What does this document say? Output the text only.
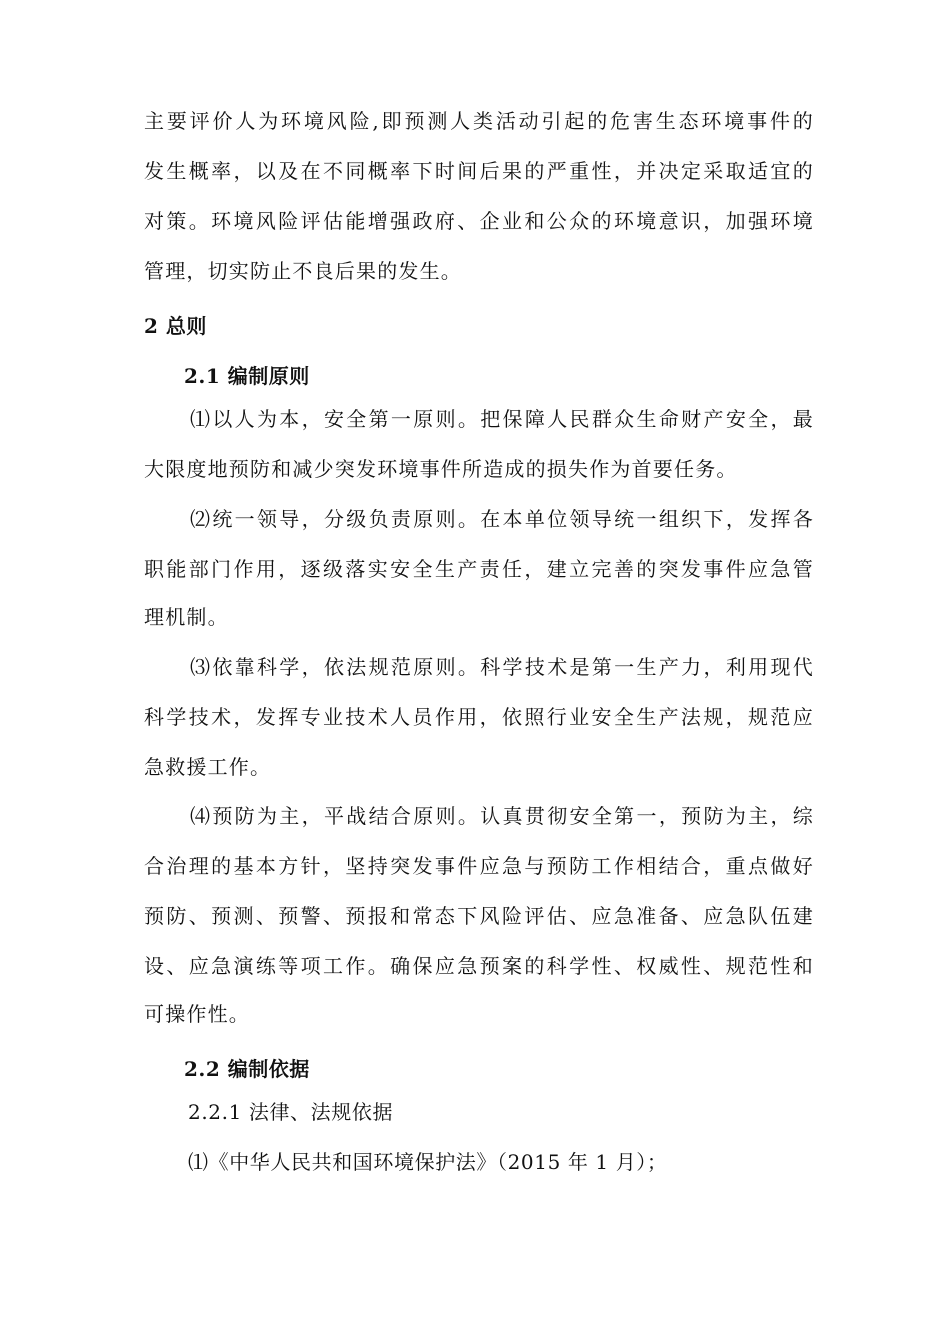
主要评价人为环境风险,即预测人类活动引起的危害生态环境事件的
发生概率，以及在不同概率下时间后果的严重性，并决定采取适宜的
对策。环境风险评估能增强政府、企业和公众的环境意识，加强环境
管理，切实防止不良后果的发生。
2 总则
2.1 编制原则
⑴以人为本，安全第一原则。把保障人民群众生命财产安全，最
大限度地预防和减少突发环境事件所造成的损失作为首要任务。
⑵统一领导，分级负责原则。在本单位领导统一组织下，发挥各
职能部门作用，逐级落实安全生产责任，建立完善的突发事件应急管
理机制。
⑶依靠科学，依法规范原则。科学技术是第一生产力，利用现代
科学技术，发挥专业技术人员作用，依照行业安全生产法规，规范应
急救援工作。
⑷预防为主，平战结合原则。认真贯彻安全第一，预防为主，综
合治理的基本方针，坚持突发事件应急与预防工作相结合，重点做好
预防、预测、预警、预报和常态下风险评估、应急准备、应急队伍建
设、应急演练等项工作。确保应急预案的科学性、权威性、规范性和
可操作性。
2.2 编制依据
2.2.1 法律、法规依据
⑴《中华人民共和国环境保护法》（2015 年 1 月）；
